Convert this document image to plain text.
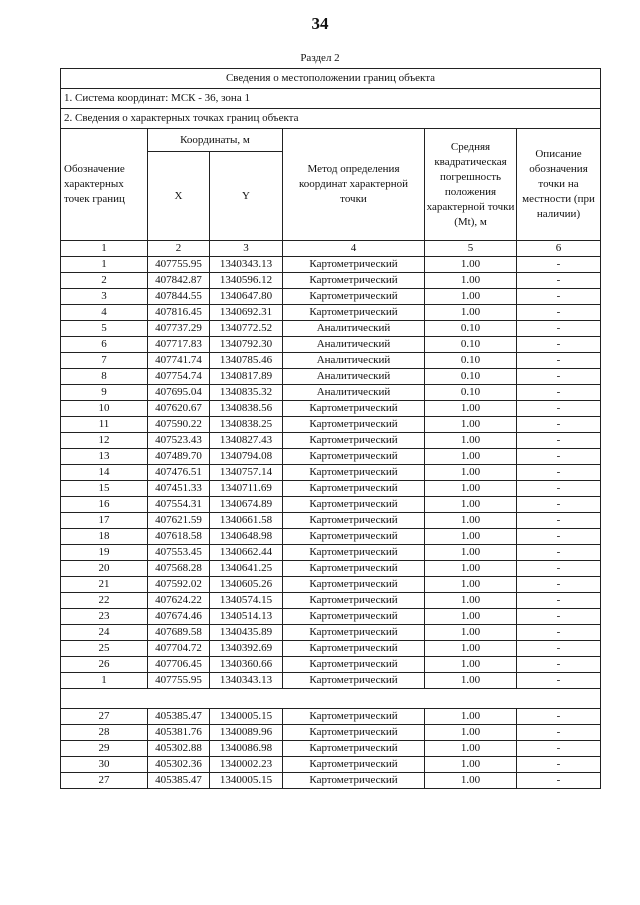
34
Раздел 2
Сведения о местоположении границ объекта					
1. Система координат: МСК - 36, зона 1					
2. Сведения о характерных точках границ объекта					
Обозначение характерных точек границ	Координаты, м		Метод определения координат характерной точки	Средняя квадратическая погрешность положения характерной точки (Mt), м	Описание обозначения точки на местности (при наличии)
	X	Y			
1	2	3	4	5	6
1	407755.95	1340343.13	Картометрический	1.00	-
2	407842.87	1340596.12	Картометрический	1.00	-
3	407844.55	1340647.80	Картометрический	1.00	-
4	407816.45	1340692.31	Картометрический	1.00	-
5	407737.29	1340772.52	Аналитический	0.10	-
6	407717.83	1340792.30	Аналитический	0.10	-
7	407741.74	1340785.46	Аналитический	0.10	-
8	407754.74	1340817.89	Аналитический	0.10	-
9	407695.04	1340835.32	Аналитический	0.10	-
10	407620.67	1340838.56	Картометрический	1.00	-
11	407590.22	1340838.25	Картометрический	1.00	-
12	407523.43	1340827.43	Картометрический	1.00	-
13	407489.70	1340794.08	Картометрический	1.00	-
14	407476.51	1340757.14	Картометрический	1.00	-
15	407451.33	1340711.69	Картометрический	1.00	-
16	407554.31	1340674.89	Картометрический	1.00	-
17	407621.59	1340661.58	Картометрический	1.00	-
18	407618.58	1340648.98	Картометрический	1.00	-
19	407553.45	1340662.44	Картометрический	1.00	-
20	407568.28	1340641.25	Картометрический	1.00	-
21	407592.02	1340605.26	Картометрический	1.00	-
22	407624.22	1340574.15	Картометрический	1.00	-
23	407674.46	1340514.13	Картометрический	1.00	-
24	407689.58	1340435.89	Картометрический	1.00	-
25	407704.72	1340392.69	Картометрический	1.00	-
26	407706.45	1340360.66	Картометрический	1.00	-
1	407755.95	1340343.13	Картометрический	1.00	-

27	405385.47	1340005.15	Картометрический	1.00	-
28	405381.76	1340089.96	Картометрический	1.00	-
29	405302.88	1340086.98	Картометрический	1.00	-
30	405302.36	1340002.23	Картометрический	1.00	-
27	405385.47	1340005.15	Картометрический	1.00	-
